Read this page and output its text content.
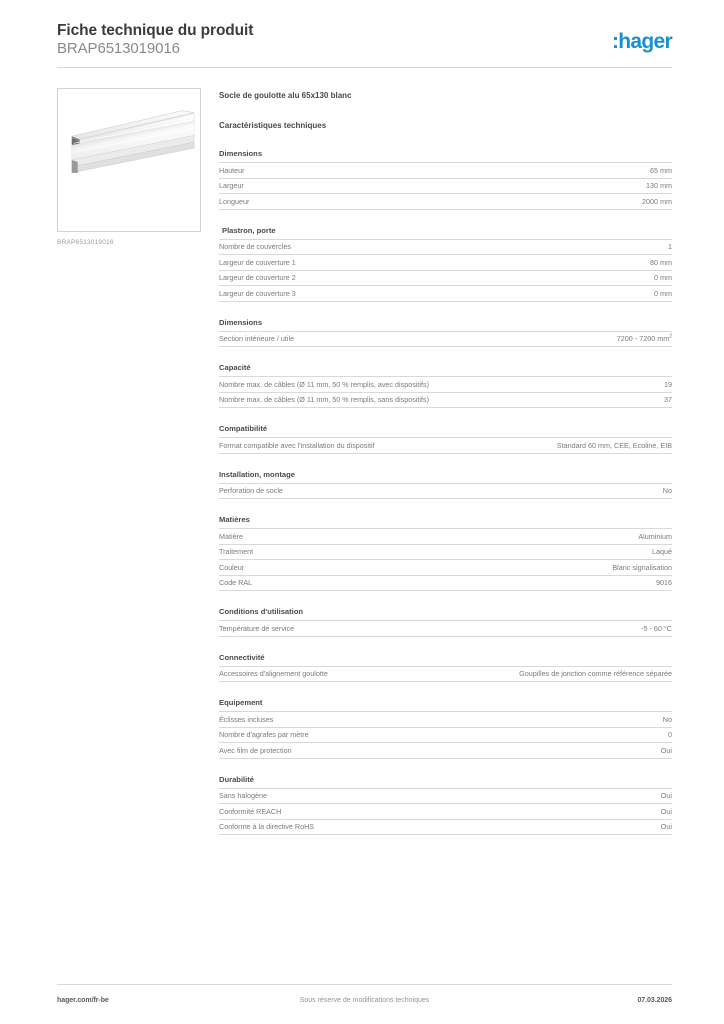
Fiche technique du produit
BRAP6513019016	:hager
BRAP6513019016
Socle de goulotte alu 65x130 blanc
Caractéristiques techniques
Dimensions
Hauteur	65 mm
Largeur	130 mm
Longueur	2000 mm
Plastron, porte
Nombre de couvercles	1
Largeur de couverture 1	80 mm
Largeur de couverture 2	0 mm
Largeur de couverture 3	0 mm
Dimensions
Section intérieure / utile	7200 - 7200 $mm^2$
Capacité
Nombre max. de câbles (Ø 11 mm, 50 % remplis, avec dispositifs)	19
Nombre max. de câbles (Ø 11 mm, 50 % remplis, sans dispositifs)	37
Compatibilité
Format compatible avec l'installation du dispositif	Standard 60 mm, CEE, Ecoline, EIB
Installation, montage
Perforation de socle	No
Matières
Matière	Aluminium
Traitement	Laqué
Couleur	Blanc signalisation
Code RAL	9016
Conditions d'utilisation
Température de service	-5 - 60 °C
Connectivité
Accessoires d'alignement goulotte	Goupilles de jonction comme référence séparée
Equipement
Éclisses incluses	No
Nombre d'agrafes par mètre	0
Avec film de protection	Oui
Durabilité
Sans halogène	Oui
Conformité REACH	Oui
Conforme à la directive RoHS	Oui
hager.com/fr-be	Sous réserve de modifications techniques	07.03.2026
